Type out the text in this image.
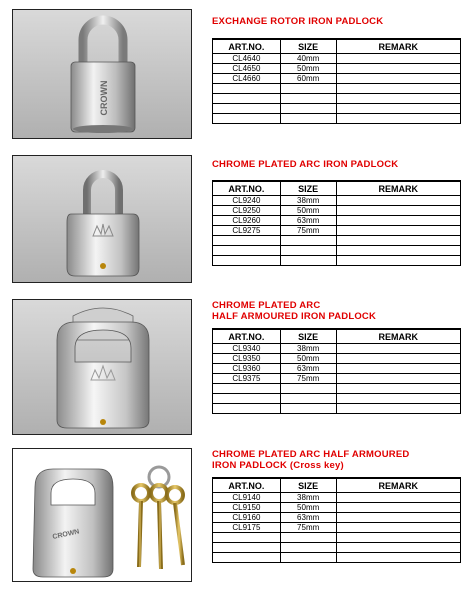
CROWN
EXCHANGE ROTOR IRON PADLOCK
ART.NO.	SIZE	REMARK
CL4640	40mm	
CL4650	50mm	
CL4660	60mm	

CHROME PLATED ARC IRON PADLOCK
ART.NO.	SIZE	REMARK
CL9240	38mm	
CL9250	50mm	
CL9260	63mm	
CL9275	75mm	

CHROME PLATED ARC
HALF ARMOURED IRON PADLOCK
ART.NO.	SIZE	REMARK
CL9340	38mm	
CL9350	50mm	
CL9360	63mm	
CL9375	75mm	

CROWN
CHROME PLATED ARC HALF ARMOURED
IRON PADLOCK (Cross key)
ART.NO.	SIZE	REMARK
CL9140	38mm	
CL9150	50mm	
CL9160	63mm	
CL9175	75mm	
